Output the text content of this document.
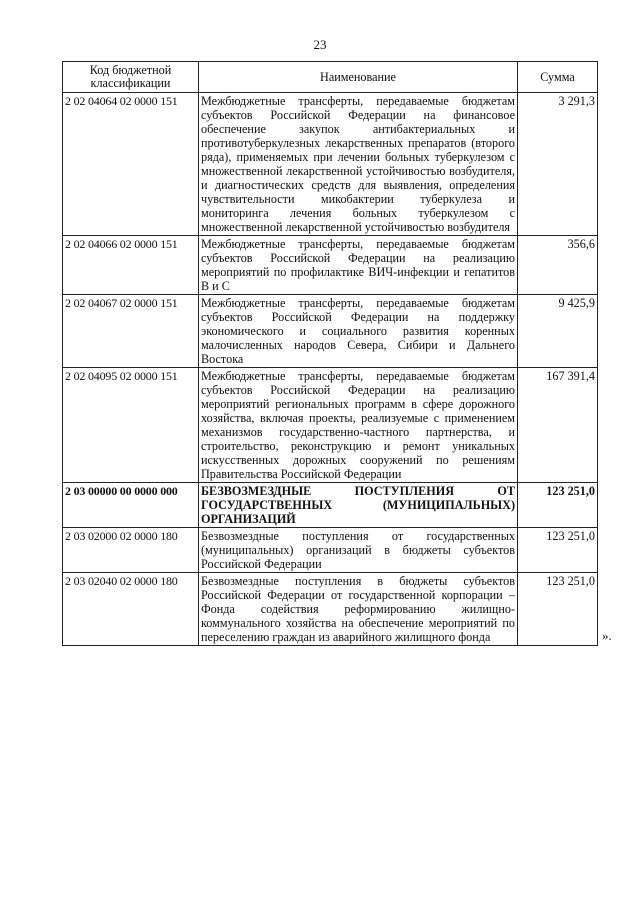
23
Код бюджетной классификации	Наименование	Сумма
2 02 04064 02 0000 151	Межбюджетные трансферты, передаваемые бюджетам субъектов Российской Федерации на финансовое обеспечение закупок антибактериальных и противотуберкулезных лекарственных препаратов (второго ряда), применяемых при лечении больных туберкулезом с множественной лекарственной устойчивостью возбудителя, и диагностических средств для выявления, определения чувствительности микобактерии туберкулеза и мониторинга лечения больных туберкулезом с множественной лекарственной устойчивостью возбудителя	3 291,3
2 02 04066 02 0000 151	Межбюджетные трансферты, передаваемые бюджетам субъектов Российской Федерации на реализацию мероприятий по профилактике ВИЧ-инфекции и гепатитов B и C	356,6
2 02 04067 02 0000 151	Межбюджетные трансферты, передаваемые бюджетам субъектов Российской Федерации на поддержку экономического и социального развития коренных малочисленных народов Севера, Сибири и Дальнего Востока	9 425,9
2 02 04095 02 0000 151	Межбюджетные трансферты, передаваемые бюджетам субъектов Российской Федерации на реализацию мероприятий региональных программ в сфере дорожного хозяйства, включая проекты, реализуемые с применением механизмов государственно-частного партнерства, и строительство, реконструкцию и ремонт уникальных искусственных дорожных сооружений по решениям Правительства Российской Федерации	167 391,4
2 03 00000 00 0000 000	БЕЗВОЗМЕЗДНЫЕ ПОСТУПЛЕНИЯ ОТ ГОСУДАРСТВЕННЫХ (МУНИЦИПАЛЬНЫХ) ОРГАНИЗАЦИЙ	123 251,0
2 03 02000 02 0000 180	Безвозмездные поступления от государственных (муниципальных) организаций в бюджеты субъектов Российской Федерации	123 251,0
2 03 02040 02 0000 180	Безвозмездные поступления в бюджеты субъектов Российской Федерации от государственной корпорации – Фонда содействия реформированию жилищно-коммунального хозяйства на обеспечение мероприятий по переселению граждан из аварийного жилищного фонда	123 251,0
».
